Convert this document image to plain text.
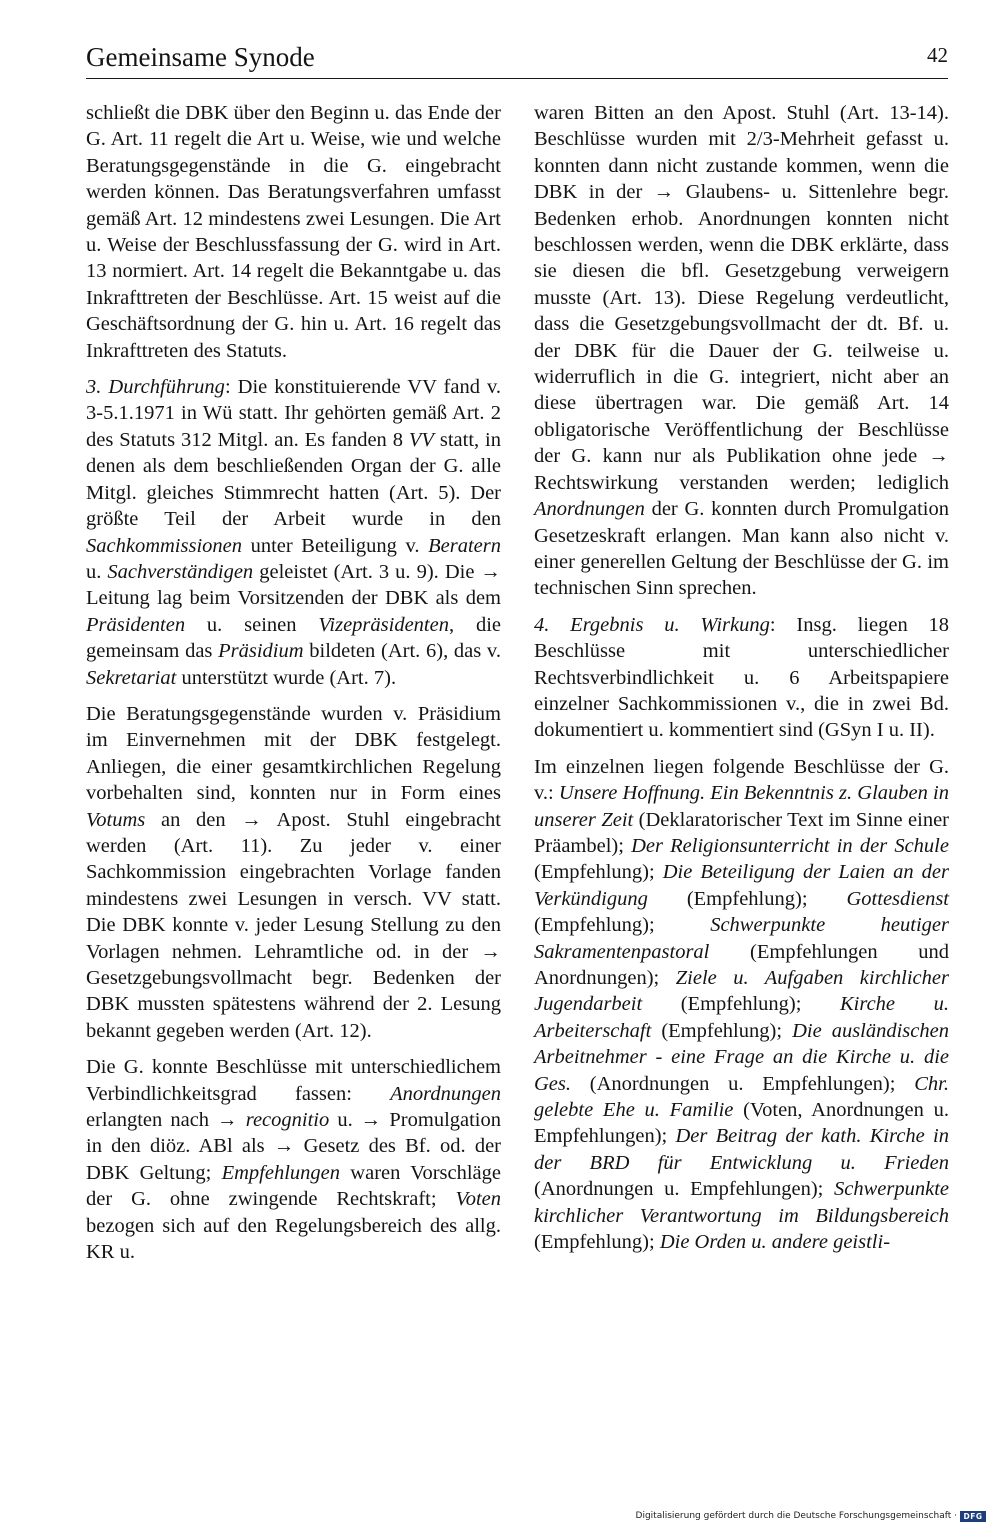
Gemeinsame Synode	42

schließt die DBK über den Beginn u. das Ende der G. Art. 11 regelt die Art u. Weise, wie und welche Beratungsgegenstände in die G. eingebracht werden können. Das Beratungsverfahren umfasst gemäß Art. 12 mindestens zwei Lesungen. Die Art u. Weise der Beschlussfassung der G. wird in Art. 13 normiert. Art. 14 regelt die Bekanntgabe u. das Inkrafttreten der Beschlüsse. Art. 15 weist auf die Geschäftsordnung der G. hin u. Art. 16 regelt das Inkrafttreten des Statuts.

3. Durchführung: Die konstituierende VV fand v. 3-5.1.1971 in Wü statt. Ihr gehörten gemäß Art. 2 des Statuts 312 Mitgl. an. Es fanden 8 VV statt, in denen als dem beschließenden Organ der G. alle Mitgl. gleiches Stimmrecht hatten (Art. 5). Der größte Teil der Arbeit wurde in den Sachkommissionen unter Beteiligung v. Beratern u. Sachverständigen geleistet (Art. 3 u. 9). Die → Leitung lag beim Vorsitzenden der DBK als dem Präsidenten u. seinen Vizepräsidenten, die gemeinsam das Präsidium bildeten (Art. 6), das v. Sekretariat unterstützt wurde (Art. 7).

Die Beratungsgegenstände wurden v. Präsidium im Einvernehmen mit der DBK festgelegt. Anliegen, die einer gesamtkirchlichen Regelung vorbehalten sind, konnten nur in Form eines Votums an den → Apost. Stuhl eingebracht werden (Art. 11). Zu jeder v. einer Sachkommission eingebrachten Vorlage fanden mindestens zwei Lesungen in versch. VV statt. Die DBK konnte v. jeder Lesung Stellung zu den Vorlagen nehmen. Lehramtliche od. in der → Gesetzgebungsvollmacht begr. Bedenken der DBK mussten spätestens während der 2. Lesung bekannt gegeben werden (Art. 12).

Die G. konnte Beschlüsse mit unterschiedlichem Verbindlichkeitsgrad fassen: Anordnungen erlangten nach → recognitio u. → Promulgation in den diöz. ABl als → Gesetz des Bf. od. der DBK Geltung; Empfehlungen waren Vorschläge der G. ohne zwingende Rechtskraft; Voten bezogen sich auf den Regelungsbereich des allg. KR u.

waren Bitten an den Apost. Stuhl (Art. 13-14). Beschlüsse wurden mit 2/3-Mehrheit gefasst u. konnten dann nicht zustande kommen, wenn die DBK in der → Glaubens- u. Sittenlehre begr. Bedenken erhob. Anordnungen konnten nicht beschlossen werden, wenn die DBK erklärte, dass sie diesen die bfl. Gesetzgebung verweigern musste (Art. 13). Diese Regelung verdeutlicht, dass die Gesetzgebungsvollmacht der dt. Bf. u. der DBK für die Dauer der G. teilweise u. widerruflich in die G. integriert, nicht aber an diese übertragen war. Die gemäß Art. 14 obligatorische Veröffentlichung der Beschlüsse der G. kann nur als Publikation ohne jede → Rechtswirkung verstanden werden; lediglich Anordnungen der G. konnten durch Promulgation Gesetzeskraft erlangen. Man kann also nicht v. einer generellen Geltung der Beschlüsse der G. im technischen Sinn sprechen.

4. Ergebnis u. Wirkung: Insg. liegen 18 Beschlüsse mit unterschiedlicher Rechtsverbindlichkeit u. 6 Arbeitspapiere einzelner Sachkommissionen v., die in zwei Bd. dokumentiert u. kommentiert sind (GSyn I u. II).

Im einzelnen liegen folgende Beschlüsse der G. v.: Unsere Hoffnung. Ein Bekenntnis z. Glauben in unserer Zeit (Deklaratorischer Text im Sinne einer Präambel); Der Religionsunterricht in der Schule (Empfehlung); Die Beteiligung der Laien an der Verkündigung (Empfehlung); Gottesdienst (Empfehlung); Schwerpunkte heutiger Sakramentenpastoral (Empfehlungen und Anordnungen); Ziele u. Aufgaben kirchlicher Jugendarbeit (Empfehlung); Kirche u. Arbeiterschaft (Empfehlung); Die ausländischen Arbeitnehmer - eine Frage an die Kirche u. die Ges. (Anordnungen u. Empfehlungen); Chr. gelebte Ehe u. Familie (Voten, Anordnungen u. Empfehlungen); Der Beitrag der kath. Kirche in der BRD für Entwicklung u. Frieden (Anordnungen u. Empfehlungen); Schwerpunkte kirchlicher Verantwortung im Bildungsbereich (Empfehlung); Die Orden u. andere geistli-

Digitalisierung gefördert durch die Deutsche Forschungsgemeinschaft · DFG
